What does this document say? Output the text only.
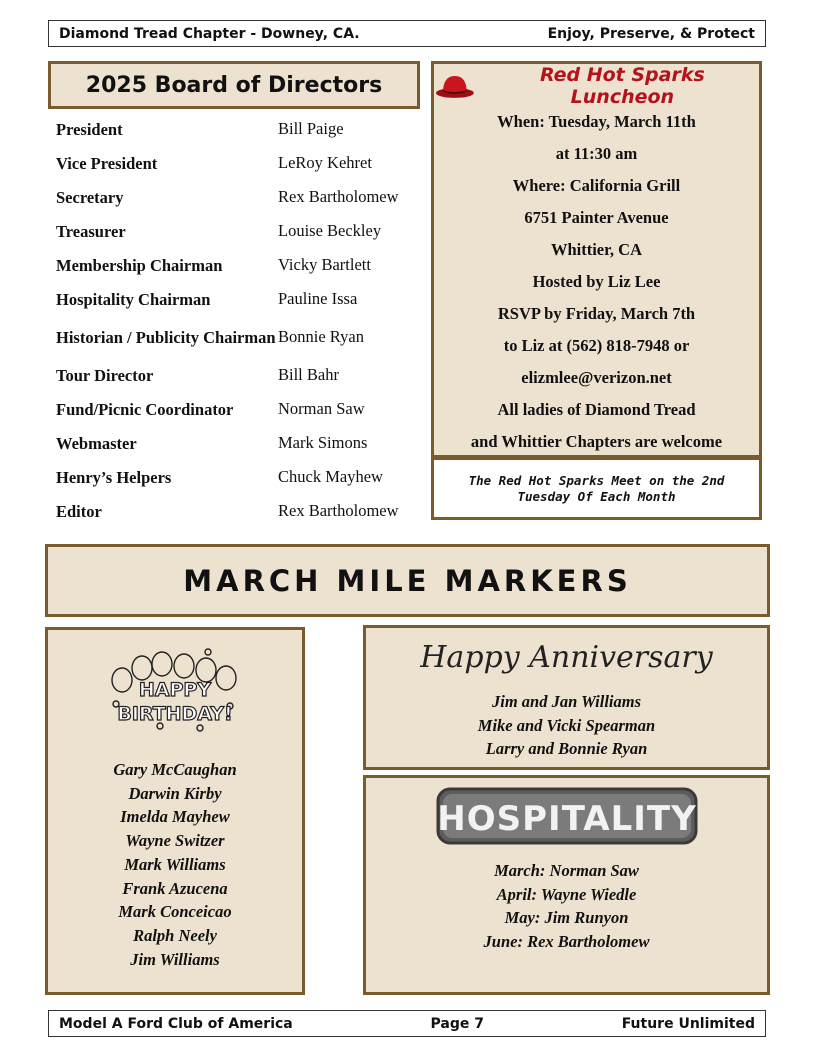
Diamond Tread Chapter - Downey, CA.	Enjoy, Preserve, & Protect
2025 Board of Directors
President	Bill Paige
Vice President	LeRoy Kehret
Secretary	Rex Bartholomew
Treasurer	Louise Beckley
Membership Chairman	Vicky Bartlett
Hospitality Chairman	Pauline Issa
Historian / Publicity Chairman Bonnie Ryan
Tour Director	Bill Bahr
Fund/Picnic Coordinator	Norman Saw
Webmaster	Mark Simons
Henry’s Helpers	Chuck Mayhew
Editor	Rex Bartholomew
Red Hot Sparks Luncheon
When: Tuesday, March 11th
at 11:30 am
Where: California Grill
6751 Painter Avenue
Whittier, CA
Hosted by Liz Lee
RSVP by Friday, March 7th
to Liz at (562) 818-7948 or
elizmlee@verizon.net
All ladies of Diamond Tread
and Whittier Chapters are welcome
The Red Hot Sparks Meet on the 2nd Tuesday Of Each Month
MARCH MILE MARKERS
HAPPY
BIRTHDAY!
Gary McCaughan
Darwin Kirby
Imelda Mayhew
Wayne Switzer
Mark Williams
Frank Azucena
Mark Conceicao
Ralph Neely
Jim Williams
Happy Anniversary
Jim and Jan Williams
Mike and Vicki Spearman
Larry and Bonnie Ryan
HOSPITALITY
March: Norman Saw
April: Wayne Wiedle
May: Jim Runyon
June: Rex Bartholomew
Model A Ford Club of America	Page 7	Future Unlimited
